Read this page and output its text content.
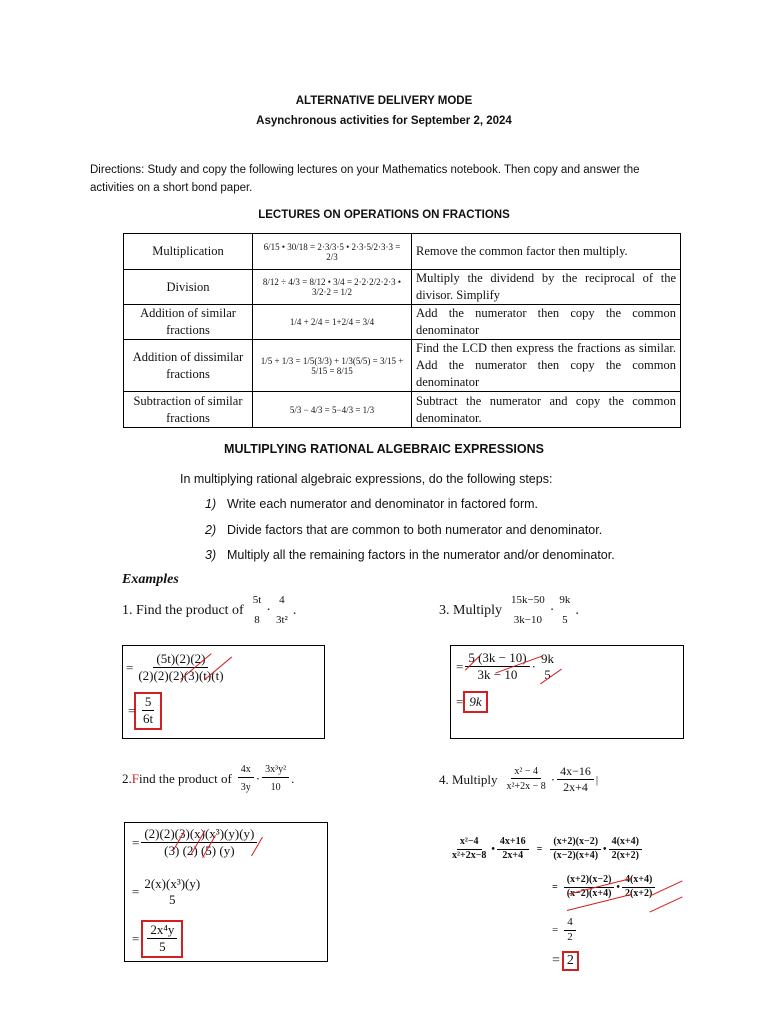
ALTERNATIVE DELIVERY MODE
Asynchronous activities for September 2, 2024
Directions: Study and copy the following lectures on your Mathematics notebook. Then copy and answer the
activities on a short bond paper.
LECTURES ON OPERATIONS ON FRACTIONS
Multiplication	6/15 • 30/18 = 2·3/3·5 • 2·3·5/2·3·3 = 2/3	Remove the common factor then multiply.
Division	8/12 ÷ 4/3 = 8/12 • 3/4 = 2·2·2/2·2·3 • 3/2·2 = 1/2	Multiply the dividend by the reciprocal of the divisor. Simplify
Addition of similar fractions	1/4 + 2/4 = 1+2/4 = 3/4	Add the numerator then copy the common denominator
Addition of dissimilar fractions	1/5 + 1/3 = 1/5(3/3) + 1/3(5/5) = 3/15 + 5/15 = 8/15	Find the LCD then express the fractions as similar. Add the numerator then copy the common denominator
Subtraction of similar fractions	5/3 − 4/3 = 5−4/3 = 1/3	Subtract the numerator and copy the common denominator.
MULTIPLYING RATIONAL ALGEBRAIC EXPRESSIONS
In multiplying rational algebraic expressions, do the following steps:
1) Write each numerator and denominator in factored form.
2) Divide factors that are common to both numerator and denominator.
3) Multiply all the remaining factors in the numerator and/or denominator.
Examples
1. Find the product of
5t
8
·
4
3t²
.
= $\frac{(5t)(2)(2)}{(2)(2)(2)(3)(t)(t)}$
= $\frac{5}{6t}$
3. Multiply
15k−50
3k−10
·
9k
5
.
= $\frac{5 (3k - 10)}{3k - 10}$ ·
9k
5
= 9k
2. F ind the product of $\frac{4x}{3y} \cdot \frac{\text{3x³y²}}{10}$ .
= $\frac{\text{(2)(2)(3)(x)(x³)(y)(y)}}{(3) (2) (5) (y)}$
=
2(x)(x³)(y)
5
= $\frac{\text{2x⁴y}}{5}$
4. Multiply $\frac{\text{x² − 4}}{\text{x²+2x − 8}} \cdot \frac{4x-16}{2x+4}$ |
$\frac{\text{x²−4}}{\text{x²+2x−8}}$ • $\frac{4x+16}{2x+4} = \frac{(x+2)(x-2)}{(x-2)(x+4)}$ • $\frac{4(x+4)}{2(x+2)}$
= $\frac{(x+2)(x-2)}{(x-2)(x+4)}$ • $\frac{4(x+4)}{2(x+2)}$
= $\frac{4}{2}$
= 2
